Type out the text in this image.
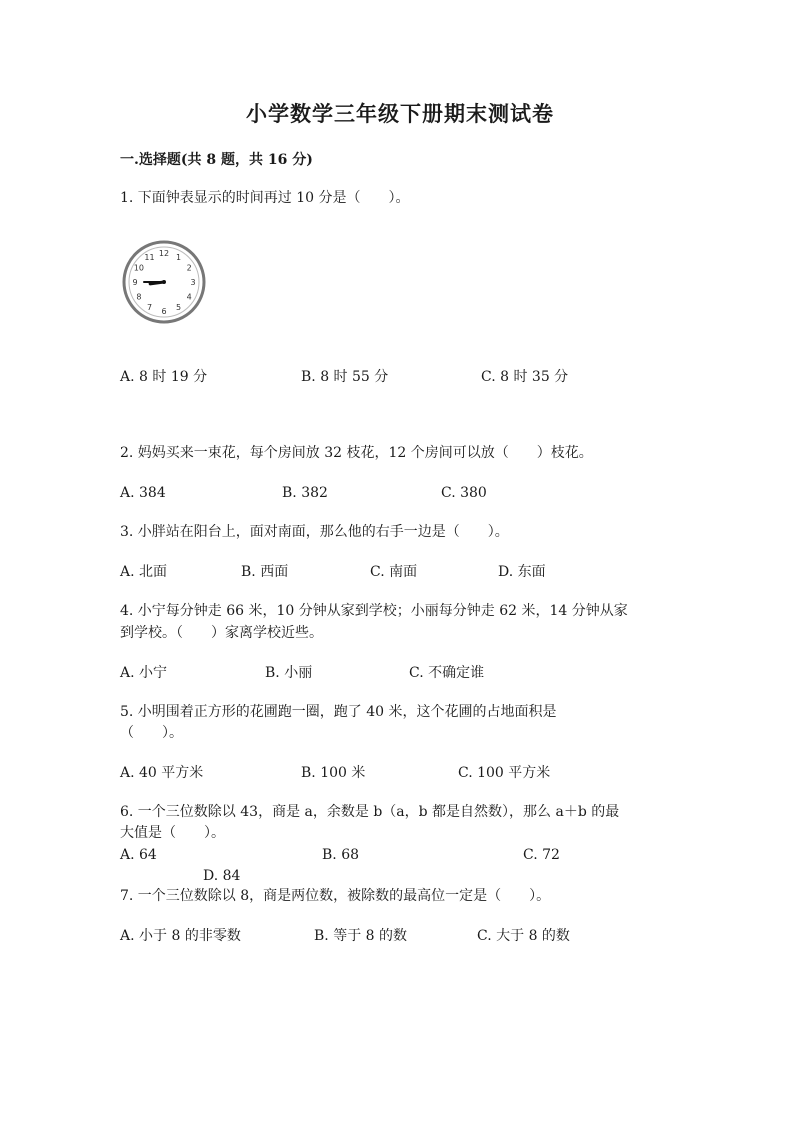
小学数学三年级下册期末测试卷
一.选择题(共 8 题，共 16 分)
1. 下面钟表显示的时间再过 10 分是（　　）。
12 1
2
3
4
5
6
7
8
9
10
11
A. 8 时 19 分	B. 8 时 55 分	C. 8 时 35 分
2. 妈妈买来一束花，每个房间放 32 枝花，12 个房间可以放（　　）枝花。
A. 384	B. 382	C. 380
3. 小胖站在阳台上，面对南面，那么他的右手一边是（　　）。
A. 北面	B. 西面	C. 南面	D. 东面
4. 小宁每分钟走 66 米，10 分钟从家到学校；小丽每分钟走 62 米，14 分钟从家
到学校。（　　）家离学校近些。
A. 小宁	B. 小丽	C. 不确定谁
5. 小明围着正方形的花圃跑一圈，跑了 40 米，这个花圃的占地面积是
（　　）。
A. 40 平方米	B. 100 米	C. 100 平方米
6. 一个三位数除以 43，商是 a，余数是 b（a，b 都是自然数），那么 a＋b 的最
大值是（　　）。
A. 64	B. 68	C. 72
D. 84
7. 一个三位数除以 8，商是两位数，被除数的最高位一定是（　　）。
A. 小于 8 的非零数	B. 等于 8 的数	C. 大于 8 的数
